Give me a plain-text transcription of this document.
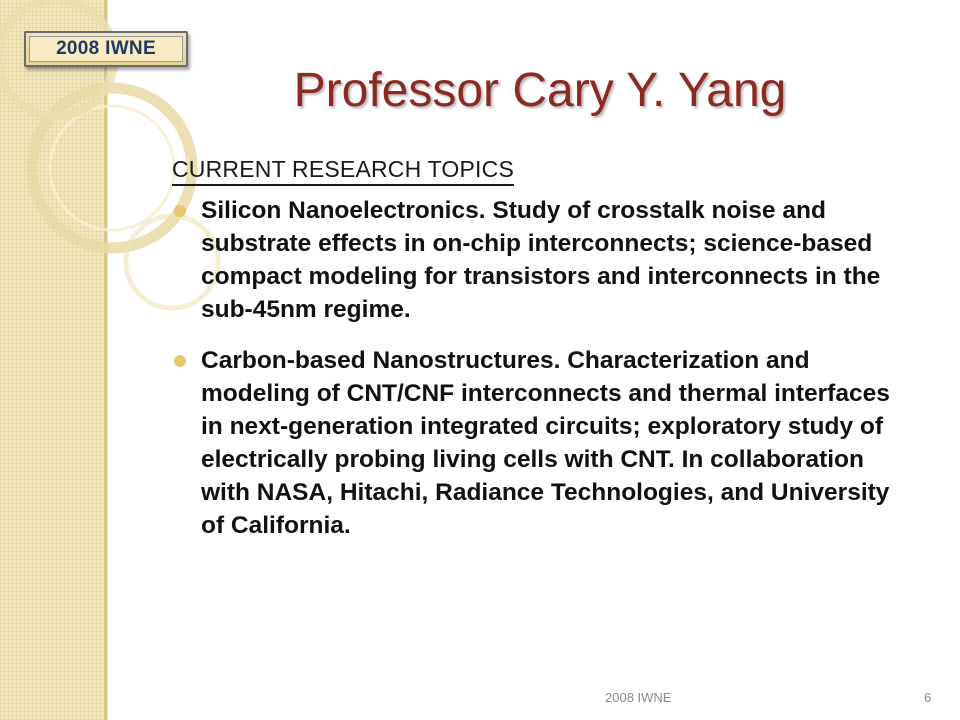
2008 IWNE
Professor Cary Y. Yang
CURRENT RESEARCH TOPICS
Silicon Nanoelectronics. Study of crosstalk noise and substrate effects in on-chip interconnects; science-based compact modeling for transistors and interconnects in the sub-45nm regime.
Carbon-based Nanostructures. Characterization and modeling of CNT/CNF interconnects and thermal interfaces in next-generation integrated circuits; exploratory study of electrically probing living cells with CNT. In collaboration with NASA, Hitachi, Radiance Technologies, and University of California.
2008 IWNE	6
